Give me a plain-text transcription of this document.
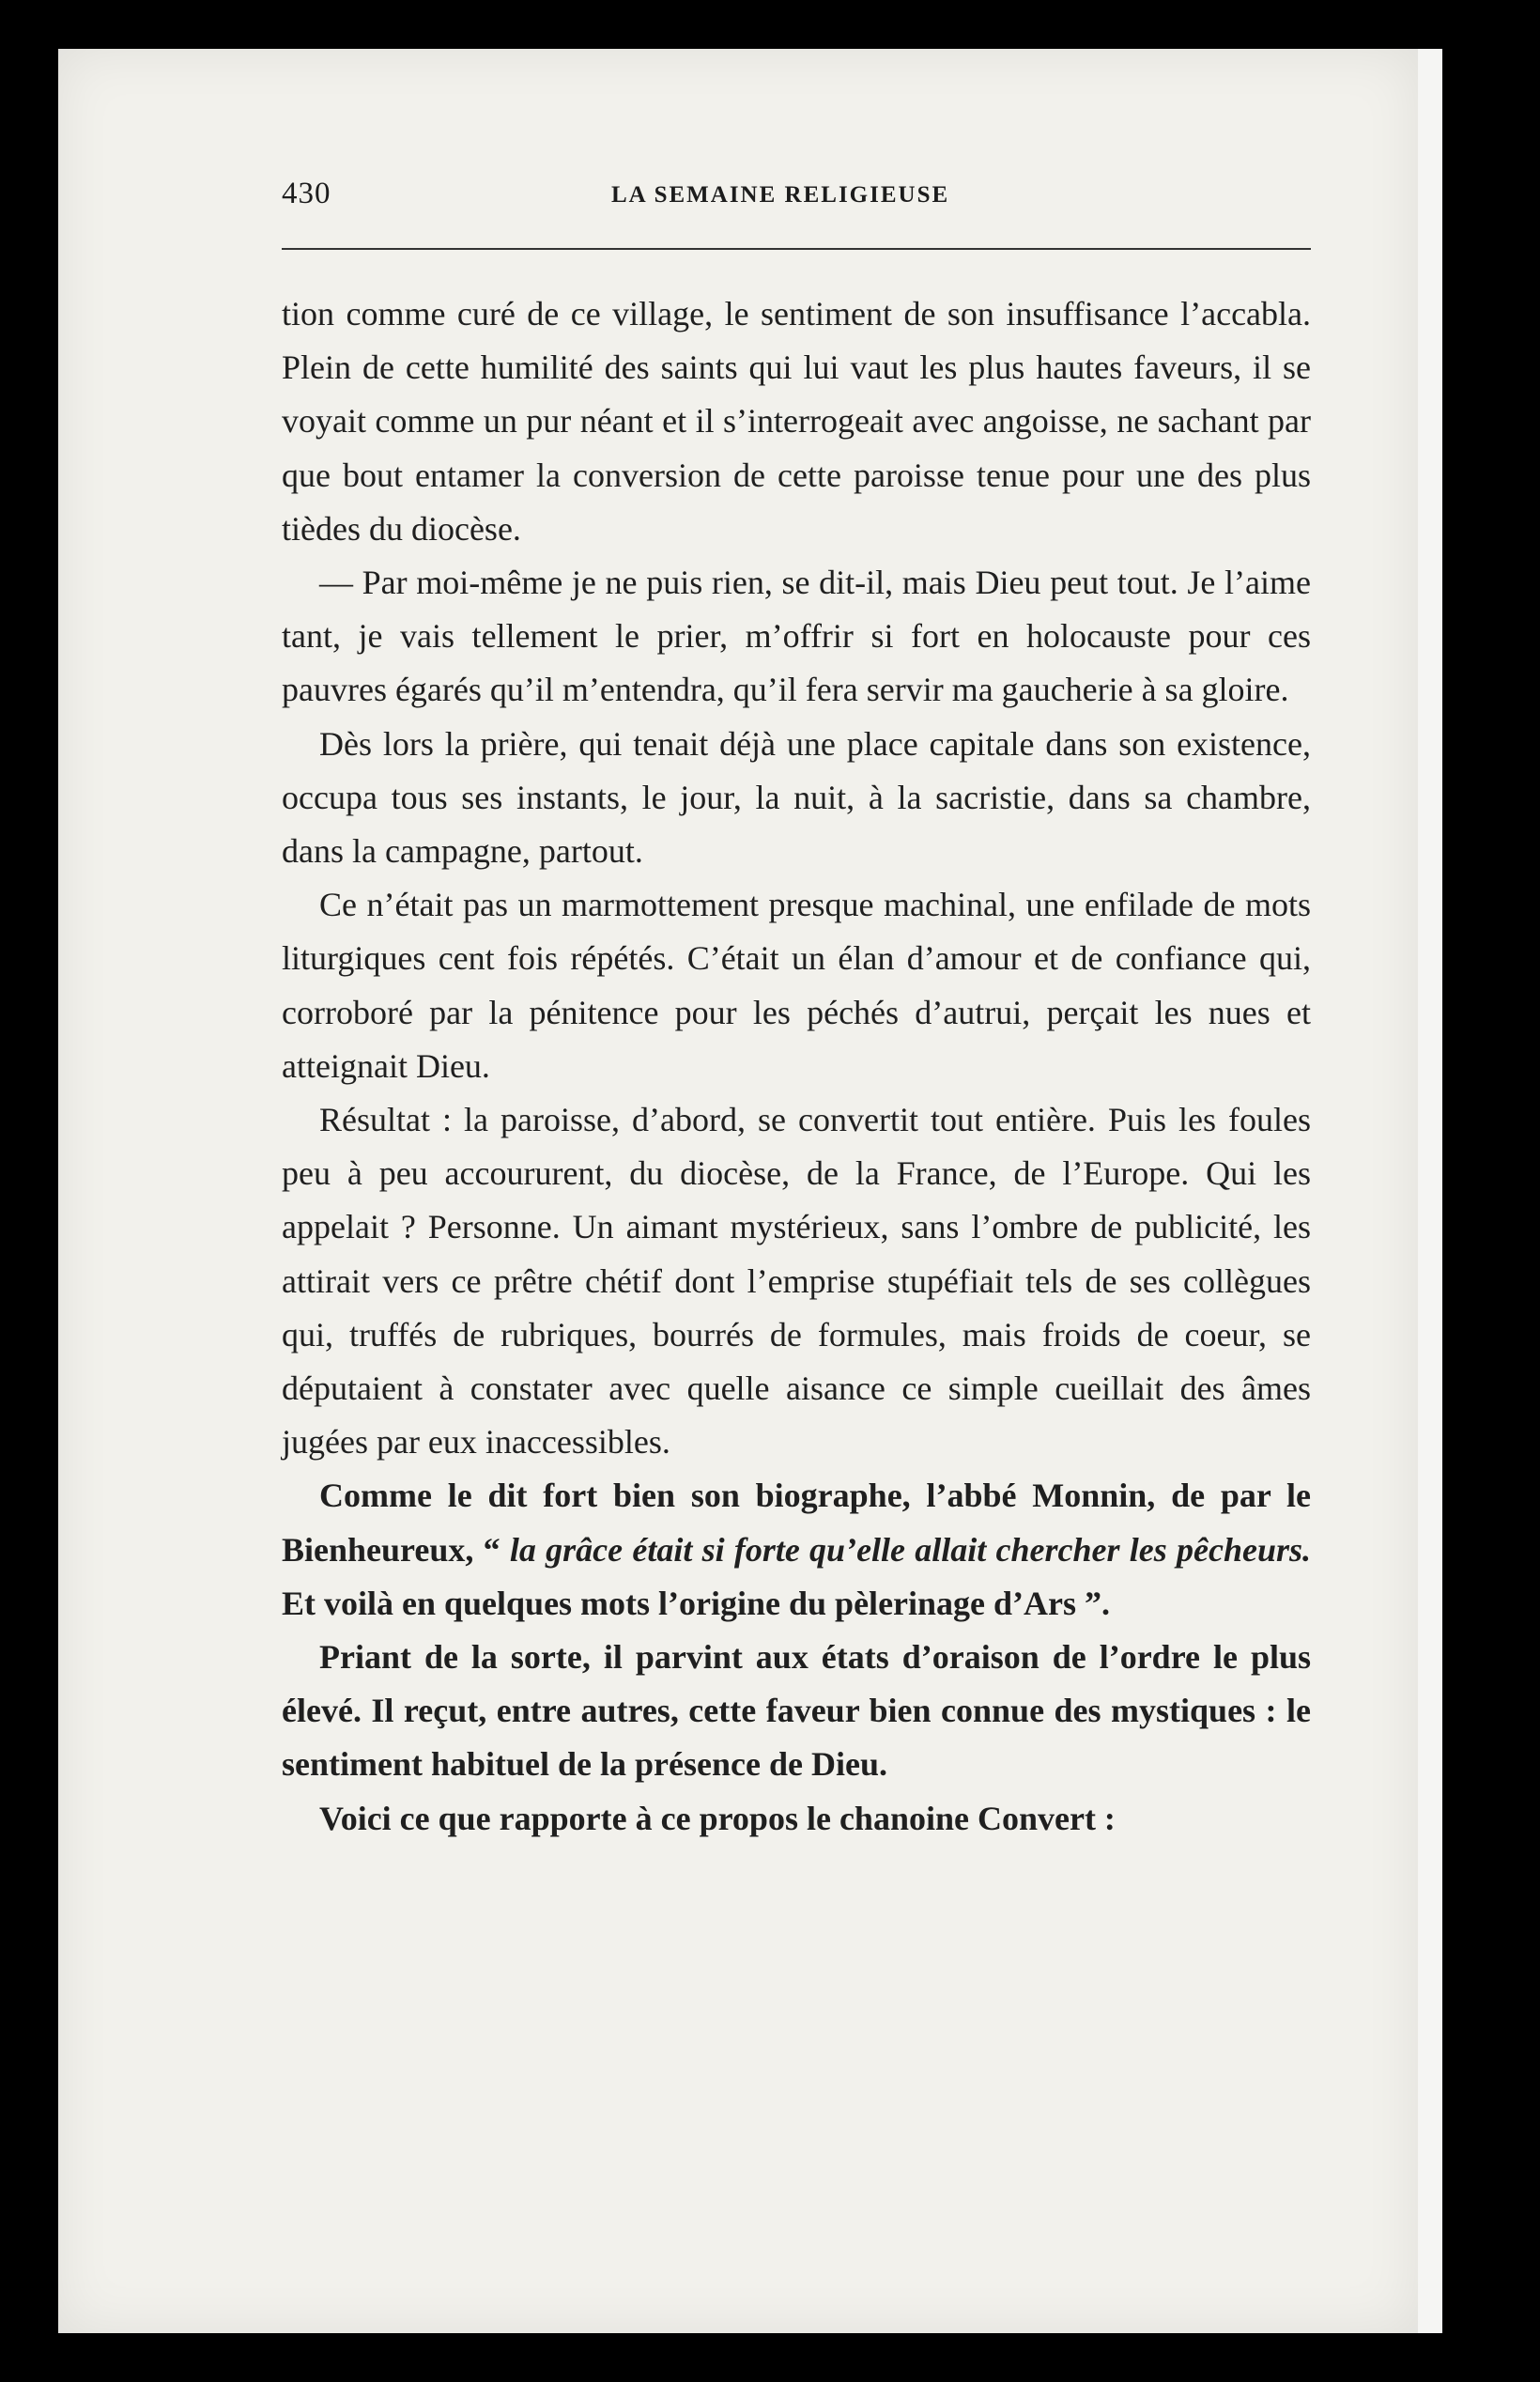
430	LA SEMAINE RELIGIEUSE

tion comme curé de ce village, le sentiment de son insuffisance l’accabla. Plein de cette humilité des saints qui lui vaut les plus hautes faveurs, il se voyait comme un pur néant et il s’interrogeait avec angoisse, ne sachant par que bout entamer la conversion de cette paroisse tenue pour une des plus tièdes du diocèse.

— Par moi-même je ne puis rien, se dit-il, mais Dieu peut tout. Je l’aime tant, je vais tellement le prier, m’offrir si fort en holocauste pour ces pauvres égarés qu’il m’entendra, qu’il fera servir ma gaucherie à sa gloire.

Dès lors la prière, qui tenait déjà une place capitale dans son existence, occupa tous ses instants, le jour, la nuit, à la sacristie, dans sa chambre, dans la campagne, partout.

Ce n’était pas un marmottement presque machinal, une enfilade de mots liturgiques cent fois répétés. C’était un élan d’amour et de confiance qui, corroboré par la pénitence pour les péchés d’autrui, perçait les nues et atteignait Dieu.

Résultat : la paroisse, d’abord, se convertit tout entière. Puis les foules peu à peu accoururent, du diocèse, de la France, de l’Europe. Qui les appelait ? Personne. Un aimant mystérieux, sans l’ombre de publicité, les attirait vers ce prêtre chétif dont l’emprise stupéfiait tels de ses collègues qui, truffés de rubriques, bourrés de formules, mais froids de coeur, se députaient à constater avec quelle aisance ce simple cueillait des âmes jugées par eux inaccessibles.

Comme le dit fort bien son biographe, l’abbé Monnin, de par le Bienheureux, “ la grâce était si forte qu’elle allait chercher les pêcheurs. Et voilà en quelques mots l’origine du pèlerinage d’Ars ”.

Priant de la sorte, il parvint aux états d’oraison de l’ordre le plus élevé. Il reçut, entre autres, cette faveur bien connue des mystiques : le sentiment habituel de la présence de Dieu.

Voici ce que rapporte à ce propos le chanoine Convert :
